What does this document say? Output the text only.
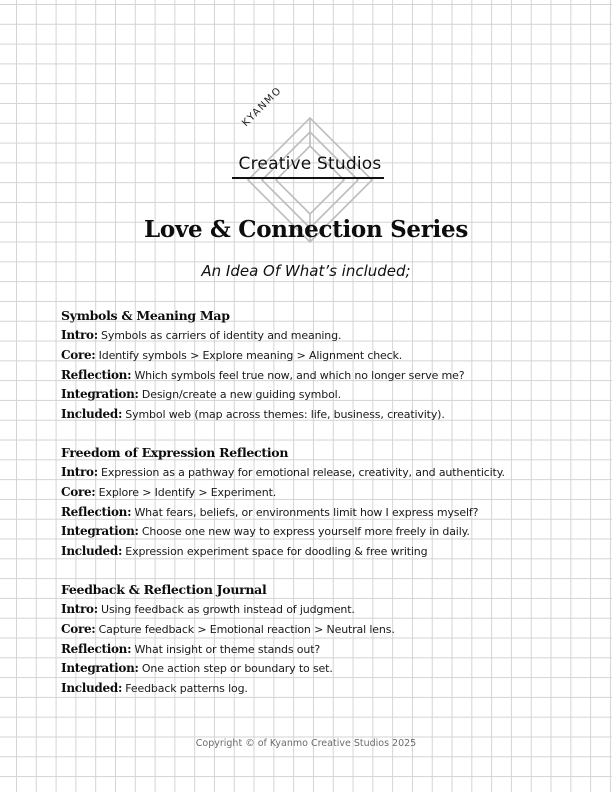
KYANMO
Creative Studios
Love & Connection Series
An Idea Of What’s included;
Symbols & Meaning Map
Intro: Symbols as carriers of identity and meaning.
Core: Identify symbols > Explore meaning > Alignment check.
Reflection: Which symbols feel true now, and which no longer serve me?
Integration: Design/create a new guiding symbol.
Included: Symbol web (map across themes: life, business, creativity).
Freedom of Expression Reflection
Intro: Expression as a pathway for emotional release, creativity, and authenticity.
Core: Explore > Identify > Experiment.
Reflection: What fears, beliefs, or environments limit how I express myself?
Integration: Choose one new way to express yourself more freely in daily.
Included: Expression experiment space for doodling & free writing
Feedback & Reflection Journal
Intro: Using feedback as growth instead of judgment.
Core: Capture feedback > Emotional reaction > Neutral lens.
Reflection: What insight or theme stands out?
Integration: One action step or boundary to set.
Included: Feedback patterns log.
Copyright © of Kyanmo Creative Studios 2025
